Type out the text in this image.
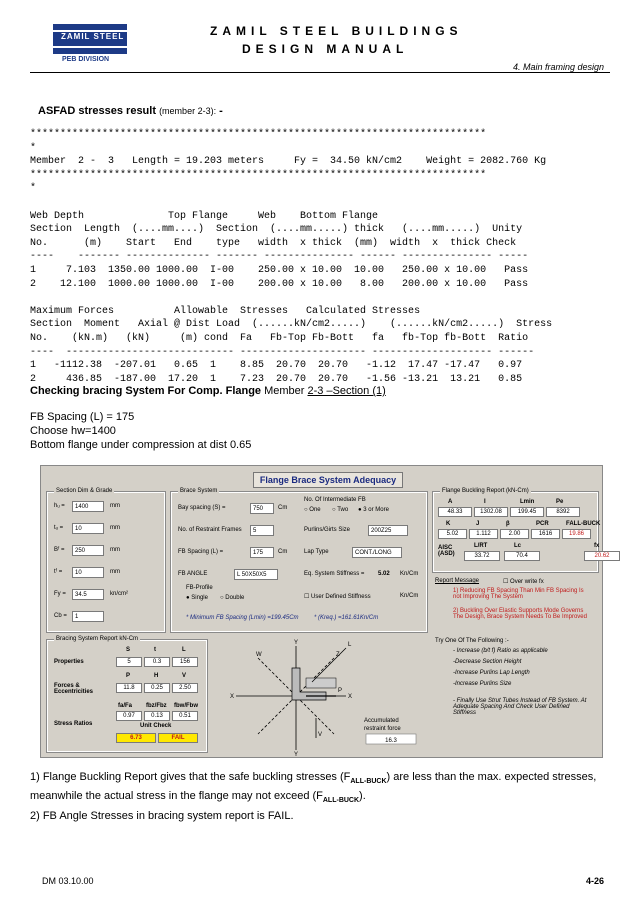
ZAMIL STEEL
PEB DIVISION
ZAMIL STEEL BUILDINGS
DESIGN MANUAL
4. Main framing design
ASFAD stresses result (member 2-3): -
****************************************************************************
*
Member  2 -  3   Length = 19.203 meters     Fy =  34.50 kN/cm2    Weight = 2082.760 Kg
****************************************************************************
*

Web Depth              Top Flange     Web    Bottom Flange
Section  Length  (....mm....)  Section  (....mm.....) thick   (....mm.....)  Unity
No.      (m)    Start   End    type   width  x thick  (mm)  width  x  thick Check
----    ------- -------------- ------- --------------- ------ --------------- -----
1     7.103  1350.00 1000.00  I-00    250.00 x 10.00  10.00   250.00 x 10.00   Pass
2    12.100  1000.00 1000.00  I-00    200.00 x 10.00   8.00   200.00 x 10.00   Pass

Maximum Forces          Allowable  Stresses   Calculated Stresses
Section  Moment   Axial @ Dist Load  (......kN/cm2.....)    (......kN/cm2.....)  Stress
No.    (kN.m)   (kN)     (m) cond  Fa   Fb-Top Fb-Bott   fa   fb-Top fb-Bott  Ratio
----  ---------------------------- --------------------- -------------------- ------
1   -1112.38  -207.01   0.65  1    8.85  20.70  20.70   -1.12  17.47 -17.47   0.97
2     436.85  -187.00  17.20  1    7.23  20.70  20.70   -1.56 -13.21  13.21   0.85
Checking bracing System For Comp. Flange Member 2-3 –Section (1)
FB Spacing (L) = 175
Choose hw=1400
Bottom flange under compression at dist 0.65
Flange Brace System Adequacy
Section Dim & Grade
hᵤ =	1400	mm
tᵤ =	10	mm
Bᶠ =	250	mm
tᶠ =	10	mm
Fy =	34.5	kn/cm²
Cb =	1
Brace System
Bay spacing (S) =	750	Cm
No. Of Intermediate FB
○ One ○ Two ● 3 or More
No. of Restraint Frames	5	Purlins/Girts Size	200Z25
FB Spacing (L) =	175	Cm	Lap Type	CONT./LONG
FB ANGLE	L 50X50X5	Eq. System Stiffness = 5.02 Kn/Cm
FB-Profile
● Single ○ Double	☐ User Defined Stiffness	Kn/Cm
* Minimum FB Spacing (Lmin) =199.45Cm	* (Kreq.) =161.61Kn/Cm
Flange Buckling Report (kN-Cm)
A	I	Lmin	Pe
48.33	1302.08	199.45	8392
K	J	β	PCR	FALL-BUCK
5.02	1.112	2.00	1616	19.86
AISC (ASD)
L/RT	Lc	fx
33.72	70.4	20.62
Report Message	☐ Over write fx
1) Reducing FB Spacing Than Min FB Spacing Is not Improving The System
2) Buckling Over Elastic Supports Mode Governs The Design, Brace System Needs To Be Improved
Try One Of The Following :-
- Increase (b/t f) Ratio as applicable
-Decrease Section Height
-Increase Purlins Lap Length
-Increase Purlins Size
- Finally Use Strut Tubes Instead of FB System. At Adequate Spacing And Check User Defined Stiffness
Bracing System Report kN-Cm
Properties
S	t	L
5	0.3	156
Forces & Eccentricities
P	H	V
11.8	0.25	2.50
Stress Ratios
fa/Fa fbz/Fbz fbw/Fbw
0.97	0.13	0.51
Unit Check
6.73	FAIL
Y
W	Z
X
Y
X
L
V
P
Accumulated
restraint force
16.3
1) Flange Buckling Report gives that the safe buckling stresses $(F_{ALL-BUCK})$ are less than the max. expected stresses, meanwhile the actual stress in the flange may not exceed $(F_{ALL-BUCK})$.
2) FB Angle Stresses in bracing system report is FAIL.
DM 03.10.00	4-26
